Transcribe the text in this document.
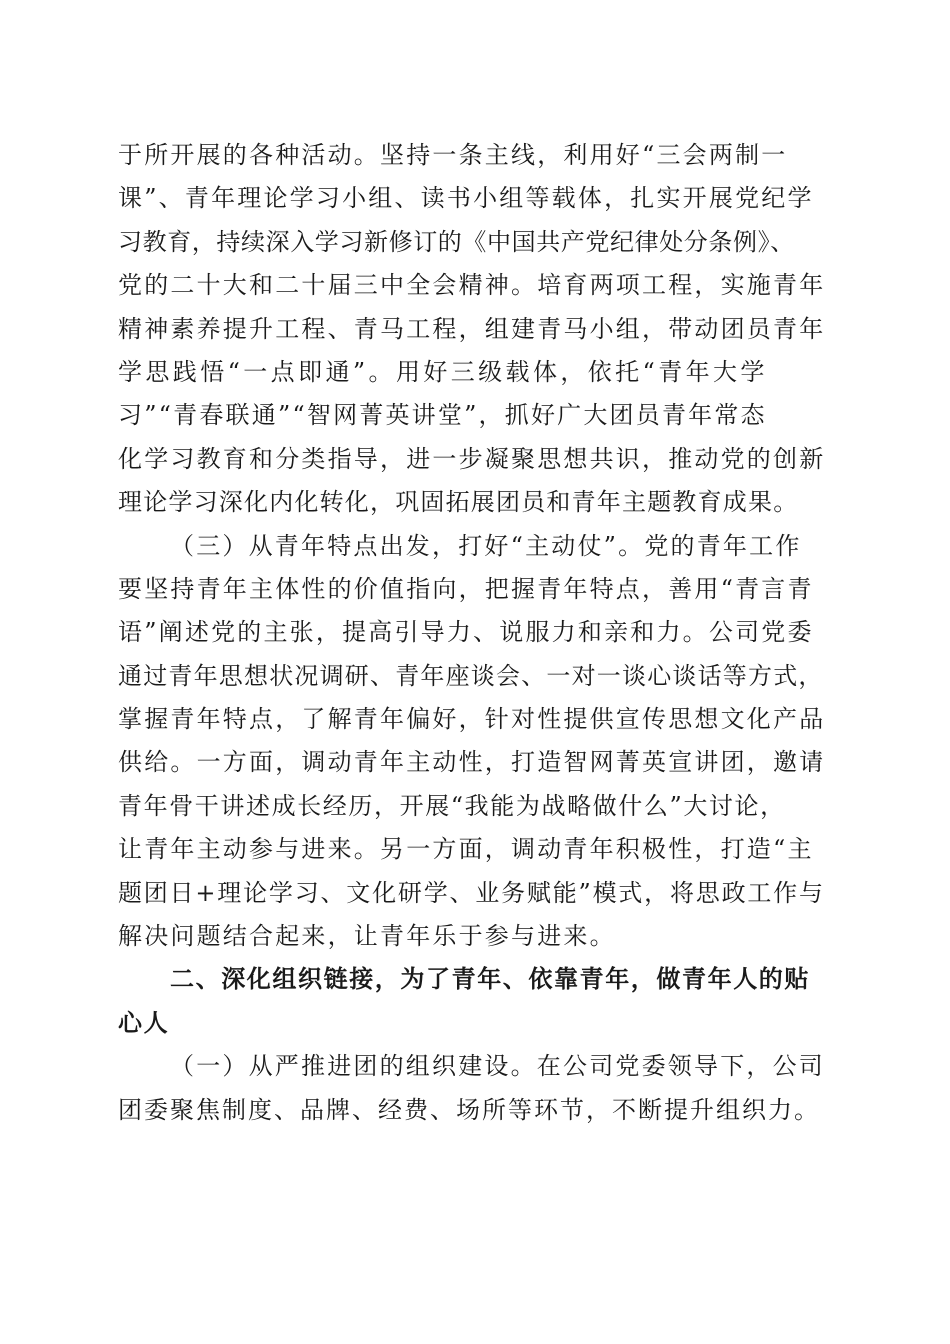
于所开展的各种活动。坚持一条主线，利用好“三会两制一
课”、青年理论学习小组、读书小组等载体，扎实开展党纪学
习教育，持续深入学习新修订的《中国共产党纪律处分条例》、
党的二十大和二十届三中全会精神。培育两项工程，实施青年
精神素养提升工程、青马工程，组建青马小组，带动团员青年
学思践悟“一点即通”。用好三级载体，依托“青年大学
习”“青春联通”“智网菁英讲堂”，抓好广大团员青年常态
化学习教育和分类指导，进一步凝聚思想共识，推动党的创新
理论学习深化内化转化，巩固拓展团员和青年主题教育成果。
（三）从青年特点出发，打好“主动仗”。党的青年工作
要坚持青年主体性的价值指向，把握青年特点，善用“青言青
语”阐述党的主张，提高引导力、说服力和亲和力。公司党委
通过青年思想状况调研、青年座谈会、一对一谈心谈话等方式，
掌握青年特点，了解青年偏好，针对性提供宣传思想文化产品
供给。一方面，调动青年主动性，打造智网菁英宣讲团，邀请
青年骨干讲述成长经历，开展“我能为战略做什么”大讨论，
让青年主动参与进来。另一方面，调动青年积极性，打造“主
题团日+理论学习、文化研学、业务赋能”模式，将思政工作与
解决问题结合起来，让青年乐于参与进来。
二、深化组织链接，为了青年、依靠青年，做青年人的贴
心人
（一）从严推进团的组织建设。在公司党委领导下，公司
团委聚焦制度、品牌、经费、场所等环节，不断提升组织力。
